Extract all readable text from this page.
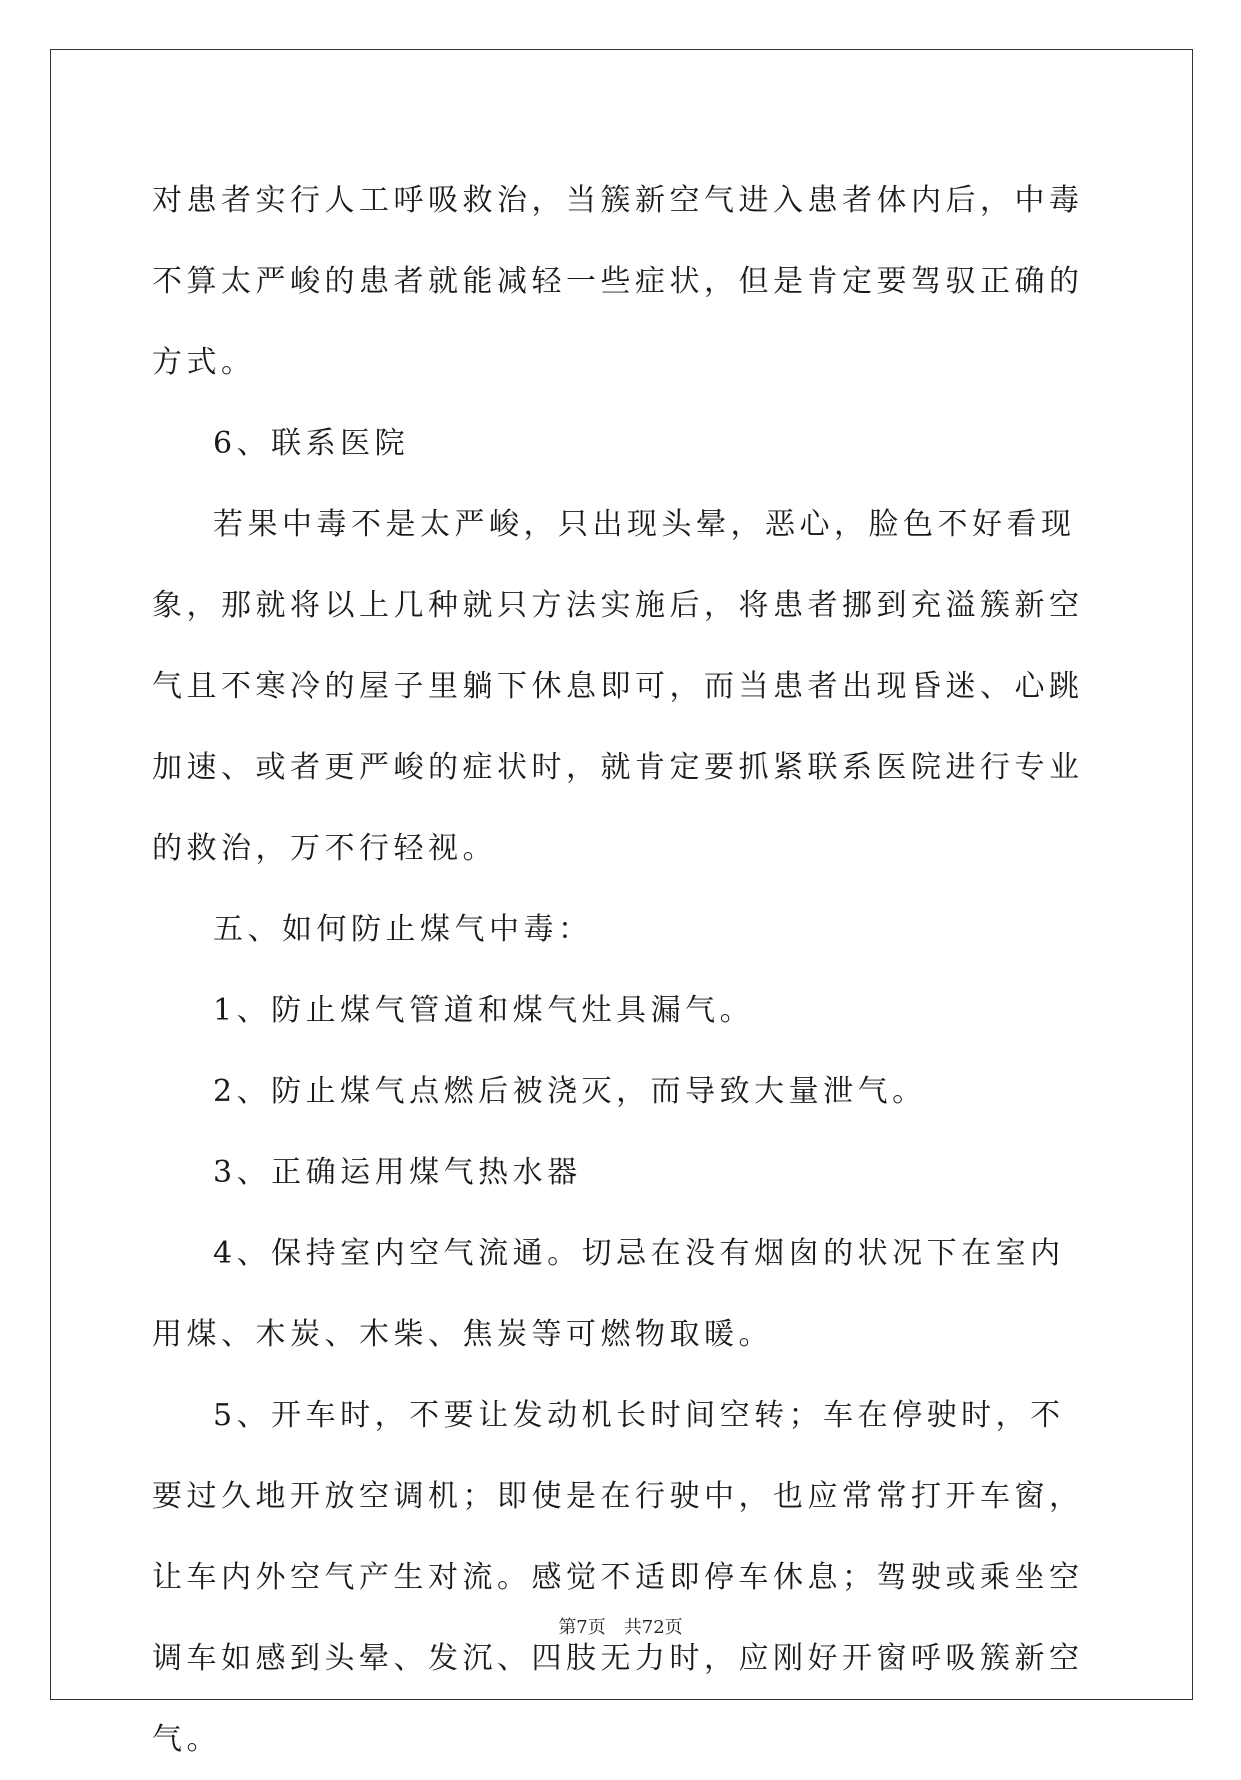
对患者实行人工呼吸救治，当簇新空气进入患者体内后，中毒不算太严峻的患者就能减轻一些症状，但是肯定要驾驭正确的方式。

6、联系医院

若果中毒不是太严峻，只出现头晕，恶心，脸色不好看现象，那就将以上几种就只方法实施后，将患者挪到充溢簇新空气且不寒冷的屋子里躺下休息即可，而当患者出现昏迷、心跳加速、或者更严峻的症状时，就肯定要抓紧联系医院进行专业的救治，万不行轻视。

五、如何防止煤气中毒：

1、防止煤气管道和煤气灶具漏气。

2、防止煤气点燃后被浇灭，而导致大量泄气。

3、正确运用煤气热水器

4、保持室内空气流通。切忌在没有烟囱的状况下在室内用煤、木炭、木柴、焦炭等可燃物取暖。

5、开车时，不要让发动机长时间空转；车在停驶时，不要过久地开放空调机；即使是在行驶中，也应常常打开车窗，让车内外空气产生对流。感觉不适即停车休息；驾驶或乘坐空调车如感到头晕、发沉、四肢无力时，应刚好开窗呼吸簇新空气。

第7页　共72页
